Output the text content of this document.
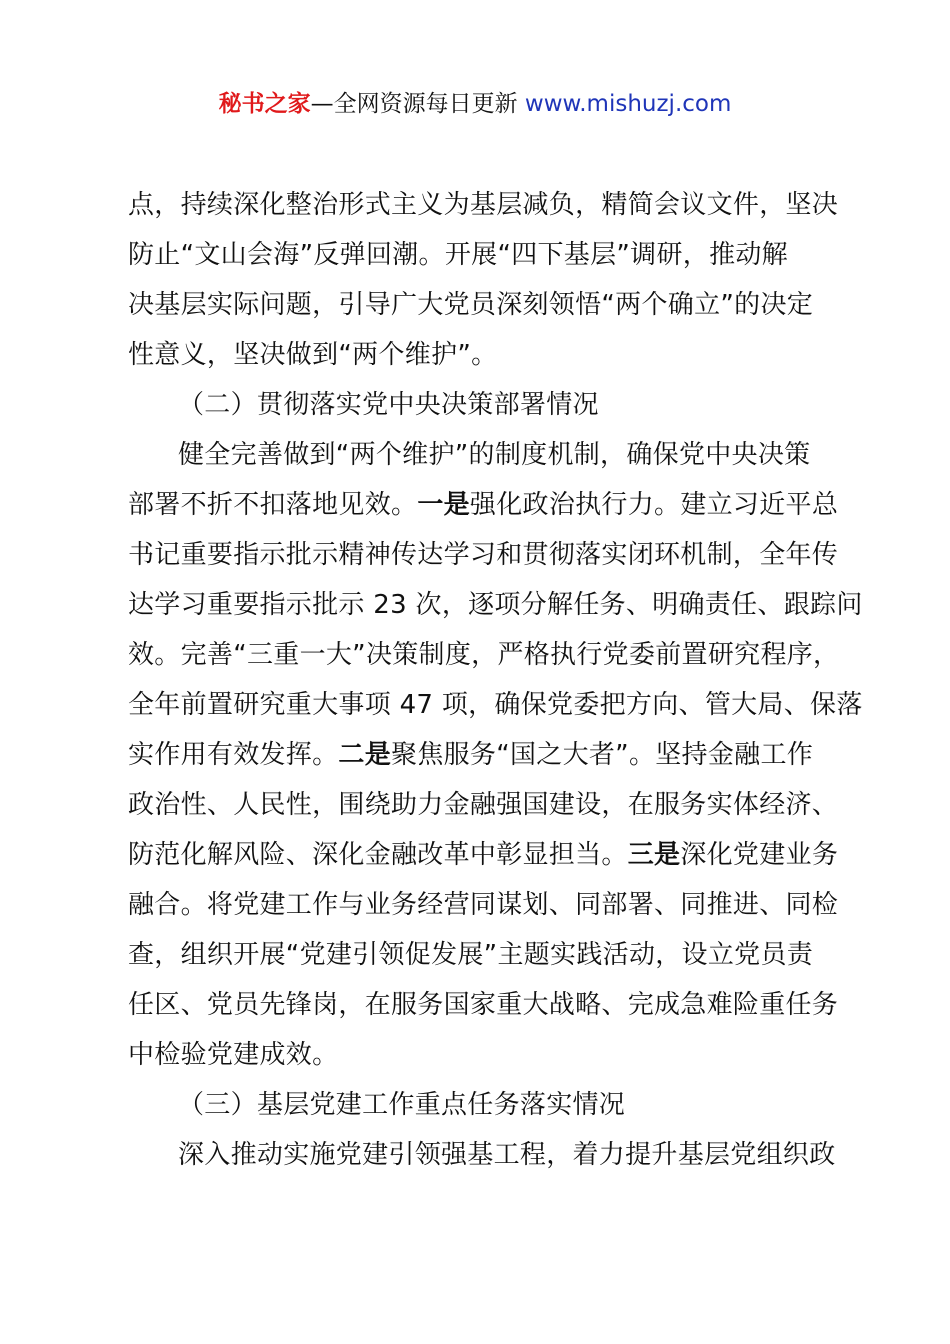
秘书之家—全网资源每日更新 www.mishuzj.com
点，持续深化整治形式主义为基层减负，精简会议文件，坚决
防止“文山会海”反弹回潮。开展“四下基层”调研，推动解
决基层实际问题，引导广大党员深刻领悟“两个确立”的决定
性意义，坚决做到“两个维护”。
（二）贯彻落实党中央决策部署情况
健全完善做到“两个维护”的制度机制，确保党中央决策
部署不折不扣落地见效。一是强化政治执行力。建立习近平总
书记重要指示批示精神传达学习和贯彻落实闭环机制，全年传
达学习重要指示批示 23 次，逐项分解任务、明确责任、跟踪问
效。完善“三重一大”决策制度，严格执行党委前置研究程序，
全年前置研究重大事项 47 项，确保党委把方向、管大局、保落
实作用有效发挥。二是聚焦服务“国之大者”。坚持金融工作
政治性、人民性，围绕助力金融强国建设，在服务实体经济、
防范化解风险、深化金融改革中彰显担当。三是深化党建业务
融合。将党建工作与业务经营同谋划、同部署、同推进、同检
查，组织开展“党建引领促发展”主题实践活动，设立党员责
任区、党员先锋岗，在服务国家重大战略、完成急难险重任务
中检验党建成效。
（三）基层党建工作重点任务落实情况
深入推动实施党建引领强基工程，着力提升基层党组织政
